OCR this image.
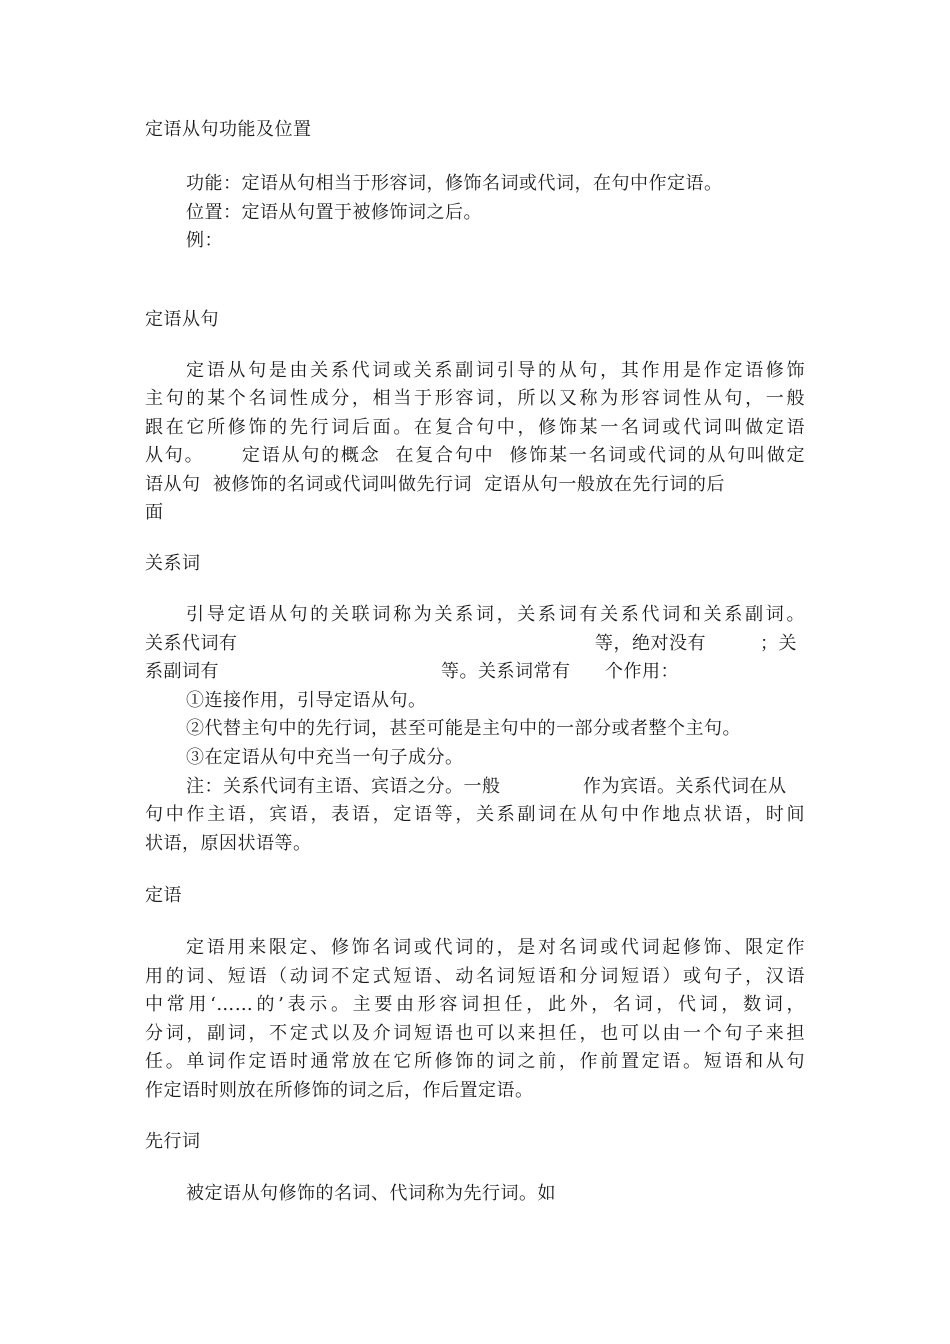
定语从句功能及位置
功能：定语从句相当于形容词，修饰名词或代词，在句中作定语。
位置：定语从句置于被修饰词之后。
例：
定语从句
定语从句是由关系代词或关系副词引导的从句，其作用是作定语修饰
主句的某个名词性成分，相当于形容词，所以又称为形容词性从句，一般
跟在它所修饰的先行词后面。在复合句中，修饰某一名词或代词叫做定语
从句。     定语从句的概念  在复合句中  修饰某一名词或代词的从句叫做定
语从句  被修饰的名词或代词叫做先行词  定语从句一般放在先行词的后
面
关系词
引导定语从句的关联词称为关系词，关系词有关系代词和关系副词。
关系代词有	等，绝对没有	；关
系副词有	等。关系词常有 个作用：
①连接作用，引导定语从句。
②代替主句中的先行词，甚至可能是主句中的一部分或者整个主句。
③在定语从句中充当一句子成分。
注：关系代词有主语、宾语之分。一般	作为宾语。关系代词在从
句中作主语，宾语，表语，定语等，关系副词在从句中作地点状语，时间
状语，原因状语等。
定语
定语用来限定、修饰名词或代词的，是对名词或代词起修饰、限定作
用的词、短语（动词不定式短语、动名词短语和分词短语）或句子，汉语
中常用‘……的’表示。主要由形容词担任，此外，名词，代词，数词，
分词，副词，不定式以及介词短语也可以来担任，也可以由一个句子来担
任。单词作定语时通常放在它所修饰的词之前，作前置定语。短语和从句
作定语时则放在所修饰的词之后，作后置定语。
先行词
被定语从句修饰的名词、代词称为先行词。如
